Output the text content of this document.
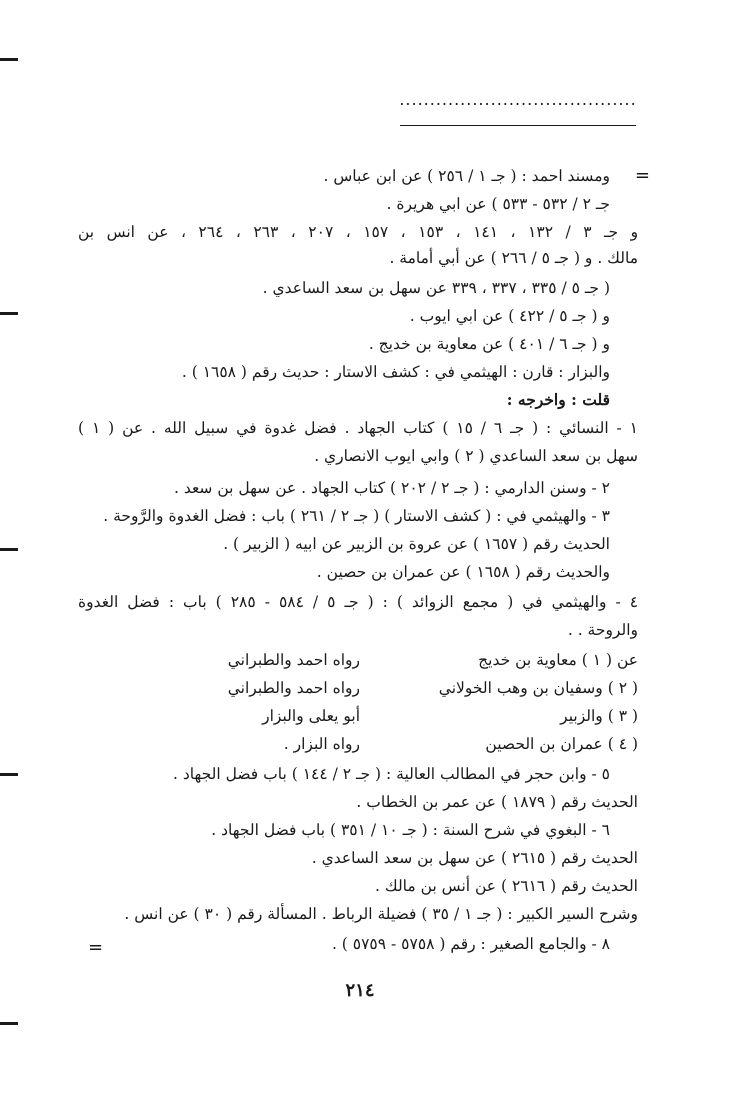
.......................................
=
ومسند احمد : ( جـ ١ / ٢٥٦ ) عن ابن عباس .
جـ ٢ / ٥٣٢ - ٥٣٣ ) عن ابي هريرة .
و جـ ٣ / ١٣٢ ، ١٤١ ، ١٥٣ ، ١٥٧ ، ٢٠٧ ، ٢٦٣ ، ٢٦٤ ، عن انس بن
مالك . و ( جـ ٥ / ٢٦٦ ) عن أبي أمامة .
( جـ ٥ / ٣٣٥ ، ٣٣٧ ، ٣٣٩ عن سهل بن سعد الساعدي .
و ( جـ ٥ / ٤٢٢ ) عن ابي ايوب .
و ( جـ ٦ / ٤٠١ ) عن معاوية بن خديج .
والبزار : قارن : الهيثمي في : كشف الاستار : حديث رقم ( ١٦٥٨ ) .
قلت : واخرجه :
١ - النسائي : ( جـ ٦ / ١٥ ) كتاب الجهاد . فضل غدوة في سبيل الله . عن ( ١ )
سهل بن سعد الساعدي ( ٢ ) وابي ايوب الانصاري .
٢ - وسنن الدارمي : ( جـ ٢ / ٢٠٢ ) كتاب الجهاد . عن سهل بن سعد .
٣ - والهيثمي في : ( كشف الاستار ) ( جـ ٢ / ٢٦١ ) باب : فضل الغدوة والرَّوحة .
الحديث رقم ( ١٦٥٧ ) عن عروة بن الزبير عن ابيه ( الزبير ) .
والحديث رقم ( ١٦٥٨ ) عن عمران بن حصين .
٤ - والهيثمي في ( مجمع الزوائد ) : ( جـ ٥ / ٥٨٤ - ٢٨٥ ) باب : فضل الغدوة
والروحة . .
عن ( ١ ) معاوية بن خديج
رواه احمد والطبراني
( ٢ ) وسفيان بن وهب الخولاني
رواه احمد والطبراني
( ٣ ) والزبير
أبو يعلى والبزار
( ٤ ) عمران بن الحصين
رواه البزار .
٥ - وابن حجر في المطالب العالية : ( جـ ٢ / ١٤٤ ) باب فضل الجهاد .
الحديث رقم ( ١٨٧٩ ) عن عمر بن الخطاب .
٦ - البغوي في شرح السنة : ( جـ ١٠ / ٣٥١ ) باب فضل الجهاد .
الحديث رقم ( ٢٦١٥ ) عن سهل بن سعد الساعدي .
الحديث رقم ( ٢٦١٦ ) عن أنس بن مالك .
وشرح السير الكبير : ( جـ ١ / ٣٥ ) فضيلة الرباط . المسألة رقم ( ٣٠ ) عن انس .
٨ - والجامع الصغير : رقم ( ٥٧٥٨ - ٥٧٥٩ ) .
=
٢١٤
